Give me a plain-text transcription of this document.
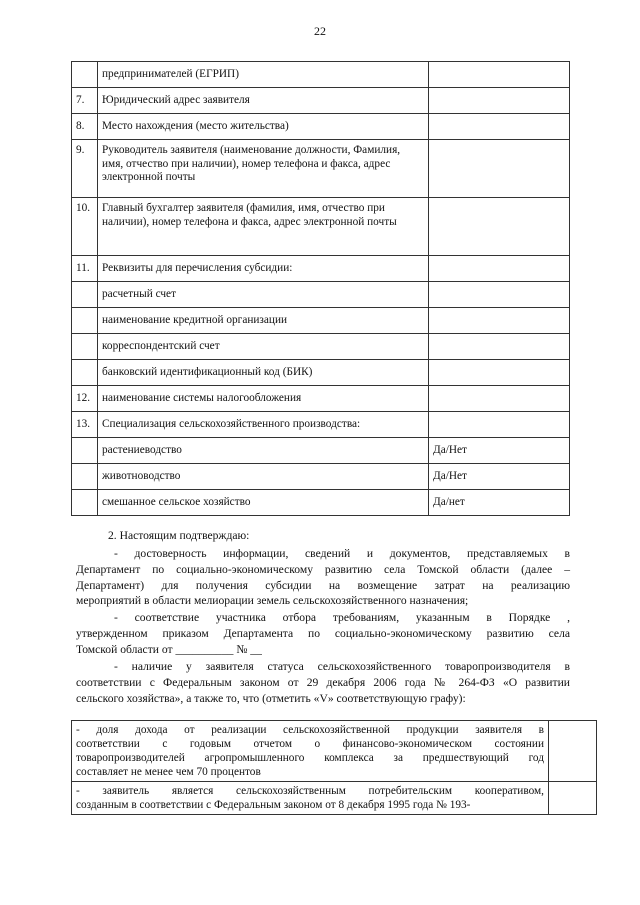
22
	предпринимателей (ЕГРИП)	
7.	Юридический адрес заявителя	
8.	Место нахождения (место жительства)	
9.	Руководитель заявителя (наименование должности, Фамилия, имя, отчество при наличии), номер телефона и факса, адрес электронной почты	
10.	Главный бухгалтер заявителя (фамилия, имя, отчество при наличии), номер телефона и факса, адрес электронной почты	
11.	Реквизиты для перечисления субсидии:	
	расчетный счет	
	наименование кредитной организации	
	корреспондентский счет	
	банковский идентификационный код (БИК)	
12.	наименование системы налогообложения	
13.	Специализация сельскохозяйственного производства:	
	растениеводство	Да/Нет
	животноводство	Да/Нет
	смешанное сельское хозяйство	Да/нет
2. Настоящим подтверждаю:
- достоверность информации, сведений и документов, представляемых в
Департамент по социально-экономическому развитию села Томской области (далее –
Департамент) для получения субсидии на возмещение затрат на реализацию
мероприятий в области мелиорации земель сельскохозяйственного назначения;
- соответствие участника отбора требованиям, указанным в Порядке ,
утвержденном приказом Департамента по социально-экономическому развитию села
Томской области от __________ № __
- наличие у заявителя статуса сельскохозяйственного товаропроизводителя в
соответствии с Федеральным законом от 29 декабря 2006 года № 264-ФЗ «О развитии
сельского хозяйства», а также то, что (отметить «V» соответствующую графу):
- доля дохода от реализации сельскохозяйственной продукции заявителя в
соответствии с годовым отчетом о финансово-экономическом состоянии
товаропроизводителей агропромышленного комплекса за предшествующий год
составляет не менее чем 70 процентов	

- заявитель является сельскохозяйственным потребительским кооперативом,
созданным в соответствии с Федеральным законом от 8 декабря 1995 года № 193-	
